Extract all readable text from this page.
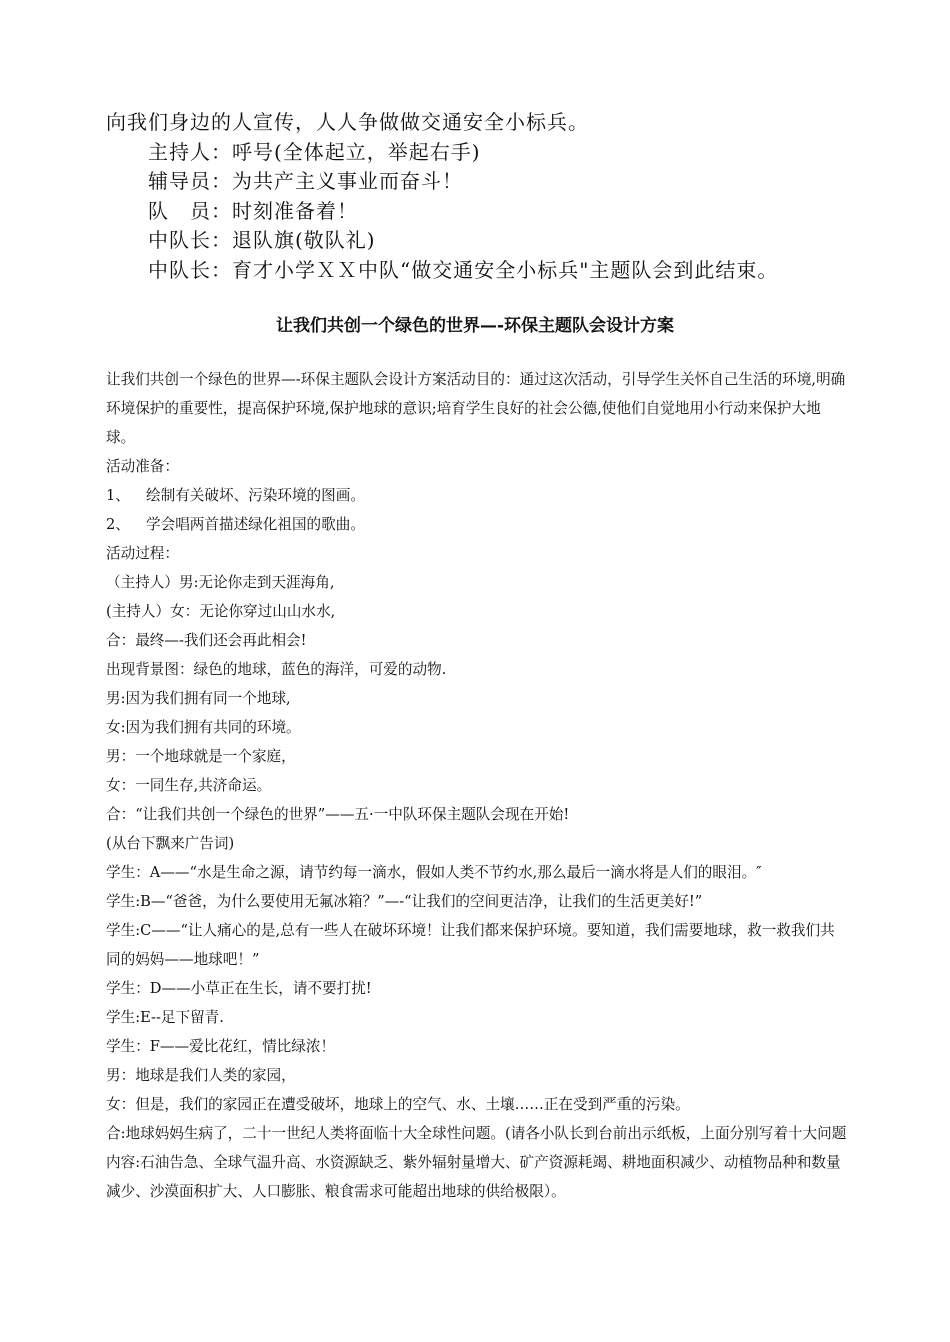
向我们身边的人宣传，人人争做做交通安全小标兵。
主持人：呼号(全体起立，举起右手)
辅导员：为共产主义事业而奋斗！
队　员：时刻准备着！
中队长：退队旗(敬队礼)
中队长：育才小学ＸＸ中队“做交通安全小标兵"主题队会到此结束。
让我们共创一个绿色的世界—-环保主题队会设计方案

让我们共创一个绿色的世界—-环保主题队会设计方案活动目的：通过这次活动，引导学生关怀自己生活的环境,明确环境保护的重要性，提高保护环境,保护地球的意识;培育学生良好的社会公德,使他们自觉地用小行动来保护大地球。

活动准备：

1、 绘制有关破坏、污染环境的图画。
2、 学会唱两首描述绿化祖国的歌曲。

活动过程：

（主持人）男:无论你走到天涯海角,

(主持人）女：无论你穿过山山水水,

合：最终—-我们还会再此相会!

出现背景图：绿色的地球，蓝色的海洋，可爱的动物.

男:因为我们拥有同一个地球,

女:因为我们拥有共同的环境。

男：一个地球就是一个家庭，

女：一同生存,共济命运。

合：“让我们共创一个绿色的世界”——五·一中队环保主题队会现在开始!

(从台下飘来广告词)

学生：A——“水是生命之源，请节约每一滴水，假如人类不节约水,那么最后一滴水将是人们的眼泪。″

学生:B—“爸爸，为什么要使用无氟冰箱？”—-“让我们的空间更洁净，让我们的生活更美好!”

学生:C——“让人痛心的是,总有一些人在破坏环境！让我们都来保护环境。要知道，我们需要地球，救一救我们共同的妈妈——地球吧！”

学生：D——小草正在生长，请不要打扰!

学生:E--足下留青.

学生：F——爱比花红，情比绿浓！

男：地球是我们人类的家园，

女：但是，我们的家园正在遭受破坏，地球上的空气、水、土壤……正在受到严重的污染。

合:地球妈妈生病了，二十一世纪人类将面临十大全球性问题。(请各小队长到台前出示纸板，上面分别写着十大问题内容:石油告急、全球气温升高、水资源缺乏、紫外辐射量增大、矿产资源耗竭、耕地面积减少、动植物品种和数量减少、沙漠面积扩大、人口膨胀、粮食需求可能超出地球的供给极限）。
